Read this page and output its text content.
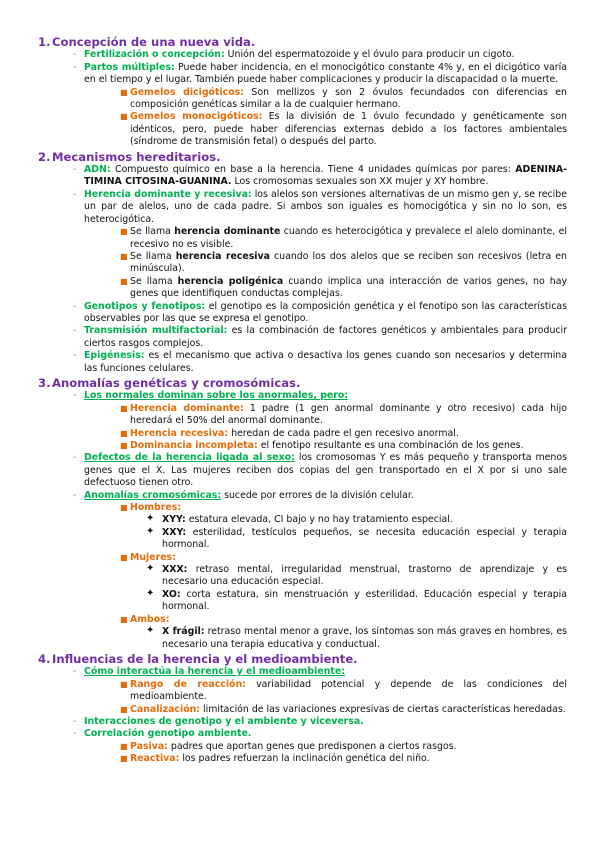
1. Concepción de una nueva vida.
- Fertilización o concepción: Unión del espermatozoide y el óvulo para producir un cigoto.
- Partos múltiples: Puede haber incidencia, en el monocigótico constante 4% y, en el dicigótico varía en el tiempo y el lugar. También puede haber complicaciones y producir la discapacidad o la muerte.
■ Gemelos dicigóticos: Son mellizos y son 2 óvulos fecundados con diferencias en composición genéticas similar a la de cualquier hermano.
■ Gemelos monocigóticos: Es la división de 1 óvulo fecundado y genéticamente son idénticos, pero, puede haber diferencias externas debido a los factores ambientales (síndrome de transmisión fetal) o después del parto.
2. Mecanismos hereditarios.
- ADN: Compuesto químico en base a la herencia. Tiene 4 unidades químicas por pares: ADENINA-TIMINA CITOSINA-GUANINA. Los cromosomas sexuales son XX mujer y XY hombre.
- Herencia dominante y recesiva: los alelos son versiones alternativas de un mismo gen y, se recibe un par de alelos, uno de cada padre. Si ambos son iguales es homocigótica y sin no lo son, es heterocigótica.
■ Se llama herencia dominante cuando es heterocigótica y prevalece el alelo dominante, el recesivo no es visible.
■ Se llama herencia recesiva cuando los dos alelos que se reciben son recesivos (letra en minúscula).
■ Se llama herencia poligénica cuando implica una interacción de varios genes, no hay genes que identifiquen conductas complejas.
- Genotipos y fenotipos: el genotipo es la composición genética y el fenotipo son las características observables por las que se expresa el genotipo.
- Transmisión multifactorial: es la combinación de factores genéticos y ambientales para producir ciertos rasgos complejos.
- Epigénesis: es el mecanismo que activa o desactiva los genes cuando son necesarios y determina las funciones celulares.
3. Anomalías genéticas y cromosómicas.
- Los normales dominan sobre los anormales, pero:
■ Herencia dominante: 1 padre (1 gen anormal dominante y otro recesivo) cada hijo heredará el 50% del anormal dominante.
■ Herencia recesiva: heredan de cada padre el gen recesivo anormal.
■ Dominancia incompleta: el fenotipo resultante es una combinación de los genes.
- Defectos de la herencia ligada al sexo: los cromosomas Y es más pequeño y transporta menos genes que el X. Las mujeres reciben dos copias del gen transportado en el X por si uno sale defectuoso tienen otro.
- Anomalías cromosómicas: sucede por errores de la división celular.
■ Hombres:
✦ XYY: estatura elevada, CI bajo y no hay tratamiento especial.
✦ XXY: esterilidad, testículos pequeños, se necesita educación especial y terapia hormonal.
■ Mujeres:
✦ XXX: retraso mental, irregularidad menstrual, trastorno de aprendizaje y es necesario una educación especial.
✦ XO: corta estatura, sin menstruación y esterilidad. Educación especial y terapia hormonal.
■ Ambos:
✦ X frágil: retraso mental menor a grave, los síntomas son más graves en hombres, es necesario una terapia educativa y conductual.
4. Influencias de la herencia y el medioambiente.
- Cómo interactúa la herencia y el medioambiente:
■ Rango de reacción: variabilidad potencial y depende de las condiciones del medioambiente.
■ Canalización: limitación de las variaciones expresivas de ciertas características heredadas.
- Interacciones de genotipo y el ambiente y viceversa.
- Correlación genotipo ambiente.
■ Pasiva: padres que aportan genes que predisponen a ciertos rasgos.
■ Reactiva: los padres refuerzan la inclinación genética del niño.
